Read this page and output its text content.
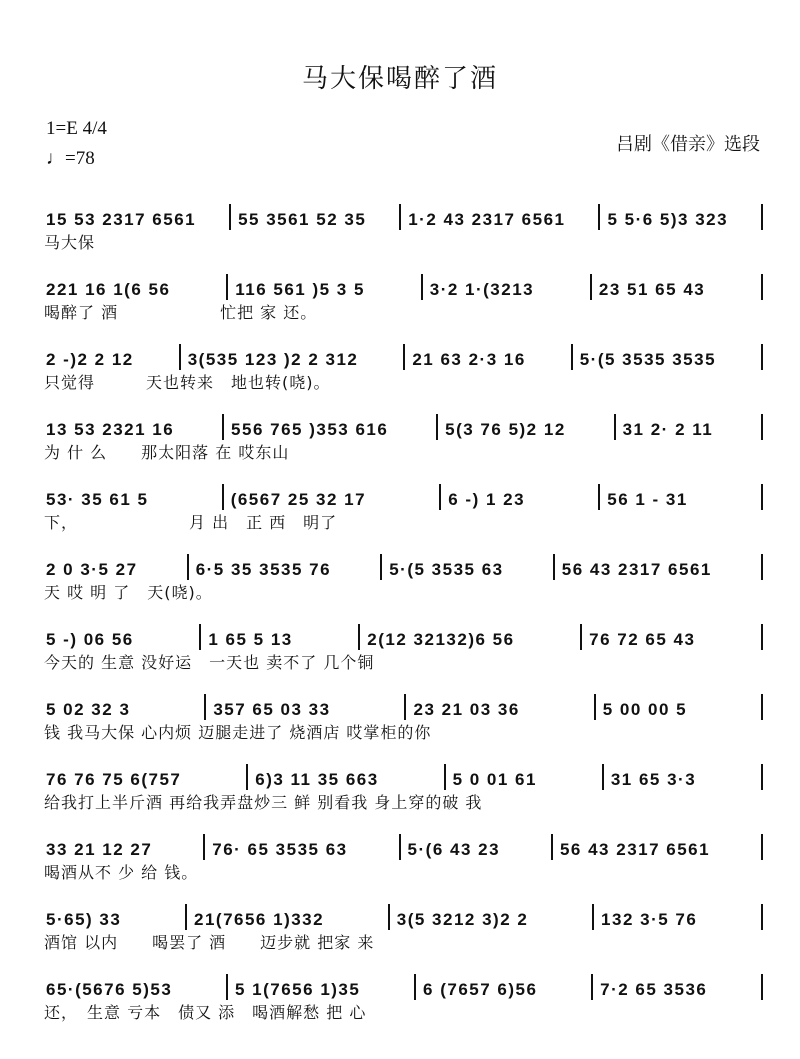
马大保喝醉了酒
1=E 4/4
♩=78
吕剧《借亲》选段
15 53 2317 6561	55 3561 52 35	1·2 43 2317 6561	5 5·6 5)3 323
马大保
221 16 1(6 56	116 561 )5 3 5	3·2 1·(3213	23 51 65 43
喝醉了 酒　　　　　　忙把 家 还。
2 -)2 2 12	3(535 123 )2 2 312	21 63 2·3 16	5·(5 3535 3535
只觉得　　　天也转来　地也转(哓)。
13 53 2321 16	556 765 )353 616	5(3 76 5)2 12	31 2· 2 11
为 什 么　　那太阳落 在 哎东山
53· 35 61 5	(6567 25 32 17	6 -) 1 23	56 1 - 31
下，　　　　　　　月 出　正 西　明了
2 0 3·5 27	6·5 35 3535 76	5·(5 3535 63	56 43 2317 6561
天 哎 明 了　天(哓)。
5 -) 06 56	1 65 5 13	2(12 32132)6 56	76 72 65 43
今天的 生意 没好运　一天也 卖不了 几个铜
5 02 32 3	357 65 03 33	23 21 03 36	5 00 00 5
钱 我马大保 心内烦 迈腿走进了 烧酒店 哎掌柜的你
76 76 75 6(757	6)3 11 35 663	5 0 01 61	31 65 3·3
给我打上半斤酒 再给我弄盘炒三 鲜 别看我 身上穿的破 我
33 21 12 27	76· 65 3535 63	5·(6 43 23	56 43 2317 6561
喝酒从不 少 给 钱。
5·65) 33	21(7656 1)332	3(5 3212 3)2 2	132 3·5 76
酒馆 以内　　喝罢了 酒　　迈步就 把家 来
65·(5676 5)53	5 1(7656 1)35	6 (7657 6)56	7·2 65 3536
还，　生意 亏本　债又 添　喝酒解愁 把 心
